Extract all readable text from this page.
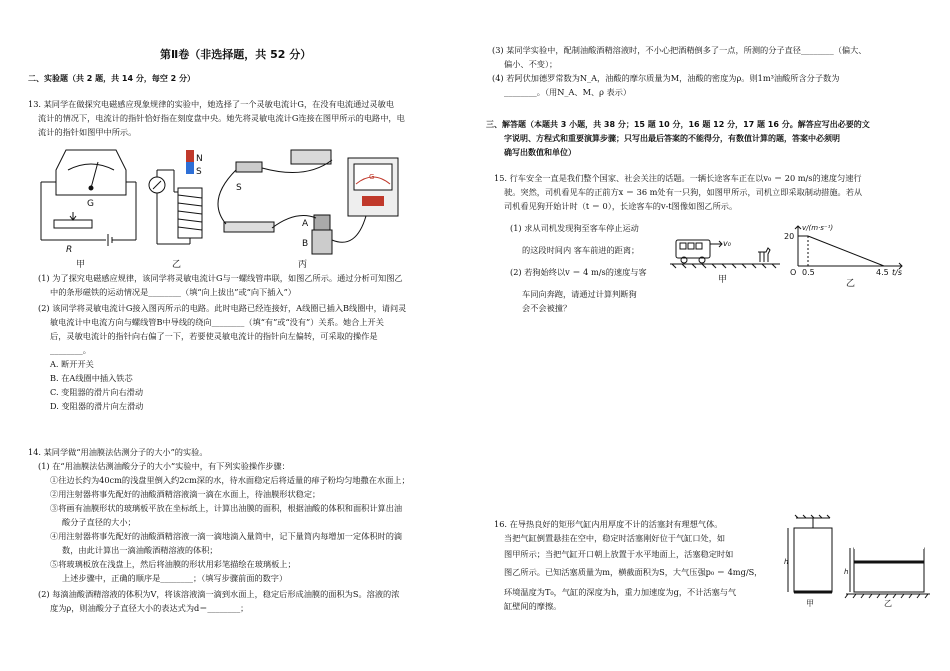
第Ⅱ卷（非选择题，共 52 分）
二、实验题（共 2 题，共 14 分，每空 2 分）
13. 某同学在做探究电磁感应现象规律的实验中，她选择了一个灵敏电流计G，在没有电流通过灵敏电
流计的情况下，电流计的指针恰好指在刻度盘中央。她先将灵敏电流计G连接在图甲所示的电路中，电
流计的指针如图甲中所示。
G
R
甲
N
S
乙
G
S
A
B
丙
(1) 为了探究电磁感应规律，该同学将灵敏电流计G与一螺线管串联，如图乙所示。通过分析可知图乙
中的条形磁铁的运动情况是________（填“向上拔出”或“向下插入”）
(2) 该同学将灵敏电流计G接入图丙所示的电路。此时电路已经连接好，A线圈已插入B线圈中，请问灵
敏电流计中电流方向与螺线管B中导线的绕向________（填“有”或“没有”）关系。她合上开关
后，灵敏电流计的指针向右偏了一下，若要使灵敏电流计的指针向左偏转，可采取的操作是
________。
A. 断开开关
B. 在A线圈中插入铁芯
C. 变阻器的滑片向右滑动
D. 变阻器的滑片向左滑动
14. 某同学做“用油膜法估测分子的大小”的实验。
(1) 在“用油膜法估测油酸分子的大小”实验中，有下列实验操作步骤：
①往边长约为40cm的浅盘里倒入约2cm深的水，待水面稳定后将适量的痱子粉均匀地撒在水面上；
②用注射器将事先配好的油酸酒精溶液滴一滴在水面上，待油膜形状稳定；
③将画有油膜形状的玻璃板平放在坐标纸上，计算出油膜的面积，根据油酸的体积和面积计算出油
酸分子直径的大小；
④用注射器将事先配好的油酸酒精溶液一滴一滴地滴入量筒中，记下量筒内每增加一定体积时的滴
数，由此计算出一滴油酸酒精溶液的体积；
⑤将玻璃板放在浅盘上，然后将油膜的形状用彩笔描绘在玻璃板上；
上述步骤中，正确的顺序是________；（填写步骤前面的数字）
(2) 每滴油酸酒精溶液的体积为V，将该溶液滴一滴到水面上，稳定后形成油膜的面积为S。溶液的浓
度为ρ，则油酸分子直径大小的表达式为d＝________；
(3) 某同学实验中，配制油酸酒精溶液时，不小心把酒精倒多了一点，所测的分子直径________（偏大、
偏小、不变）；
(4) 若阿伏加德罗常数为N_A，油酸的摩尔质量为M，油酸的密度为ρ。则1m³油酸所含分子数为
________。（用N_A、M、ρ 表示）
三、解答题（本题共 3 小题，共 38 分；15 题 10 分，16 题 12 分，17 题 16 分。解答应写出必要的文
字说明、方程式和重要演算步骤；只写出最后答案的不能得分，有数值计算的题，答案中必须明
确写出数值和单位）
15. 行车安全一直是我们整个国家、社会关注的话题。一辆长途客车正在以v₀ ＝ 20 m/s的速度匀速行
驶。突然，司机看见车的正前方x ＝ 36 m处有一只狗，如图甲所示，司机立即采取制动措施。若从
司机看见狗开始计时（t ＝ 0），长途客车的v-t图像如图乙所示。
(1) 求从司机发现狗至客车停止运动
的这段时间内 客车前进的距离；
(2) 若狗始终以v ＝ 4 m/s的速度与客
车同向奔跑，请通过计算判断狗
会不会被撞？
v₀
甲
v/(m·s⁻¹)
20
O 0.5	4.5 t/s
乙
16. 在导热良好的矩形气缸内用厚度不计的活塞封有理想气体。
当把气缸倒置悬挂在空中，稳定时活塞刚好位于气缸口处，如
图甲所示；当把气缸开口朝上放置于水平地面上，活塞稳定时如
图乙所示。已知活塞质量为m，横截面积为S，大气压强p₀ ＝ 4mg/S，
环境温度为T₀，气缸的深度为h，重力加速度为g，不计活塞与气
缸壁间的摩擦。
h
甲
h
乙
